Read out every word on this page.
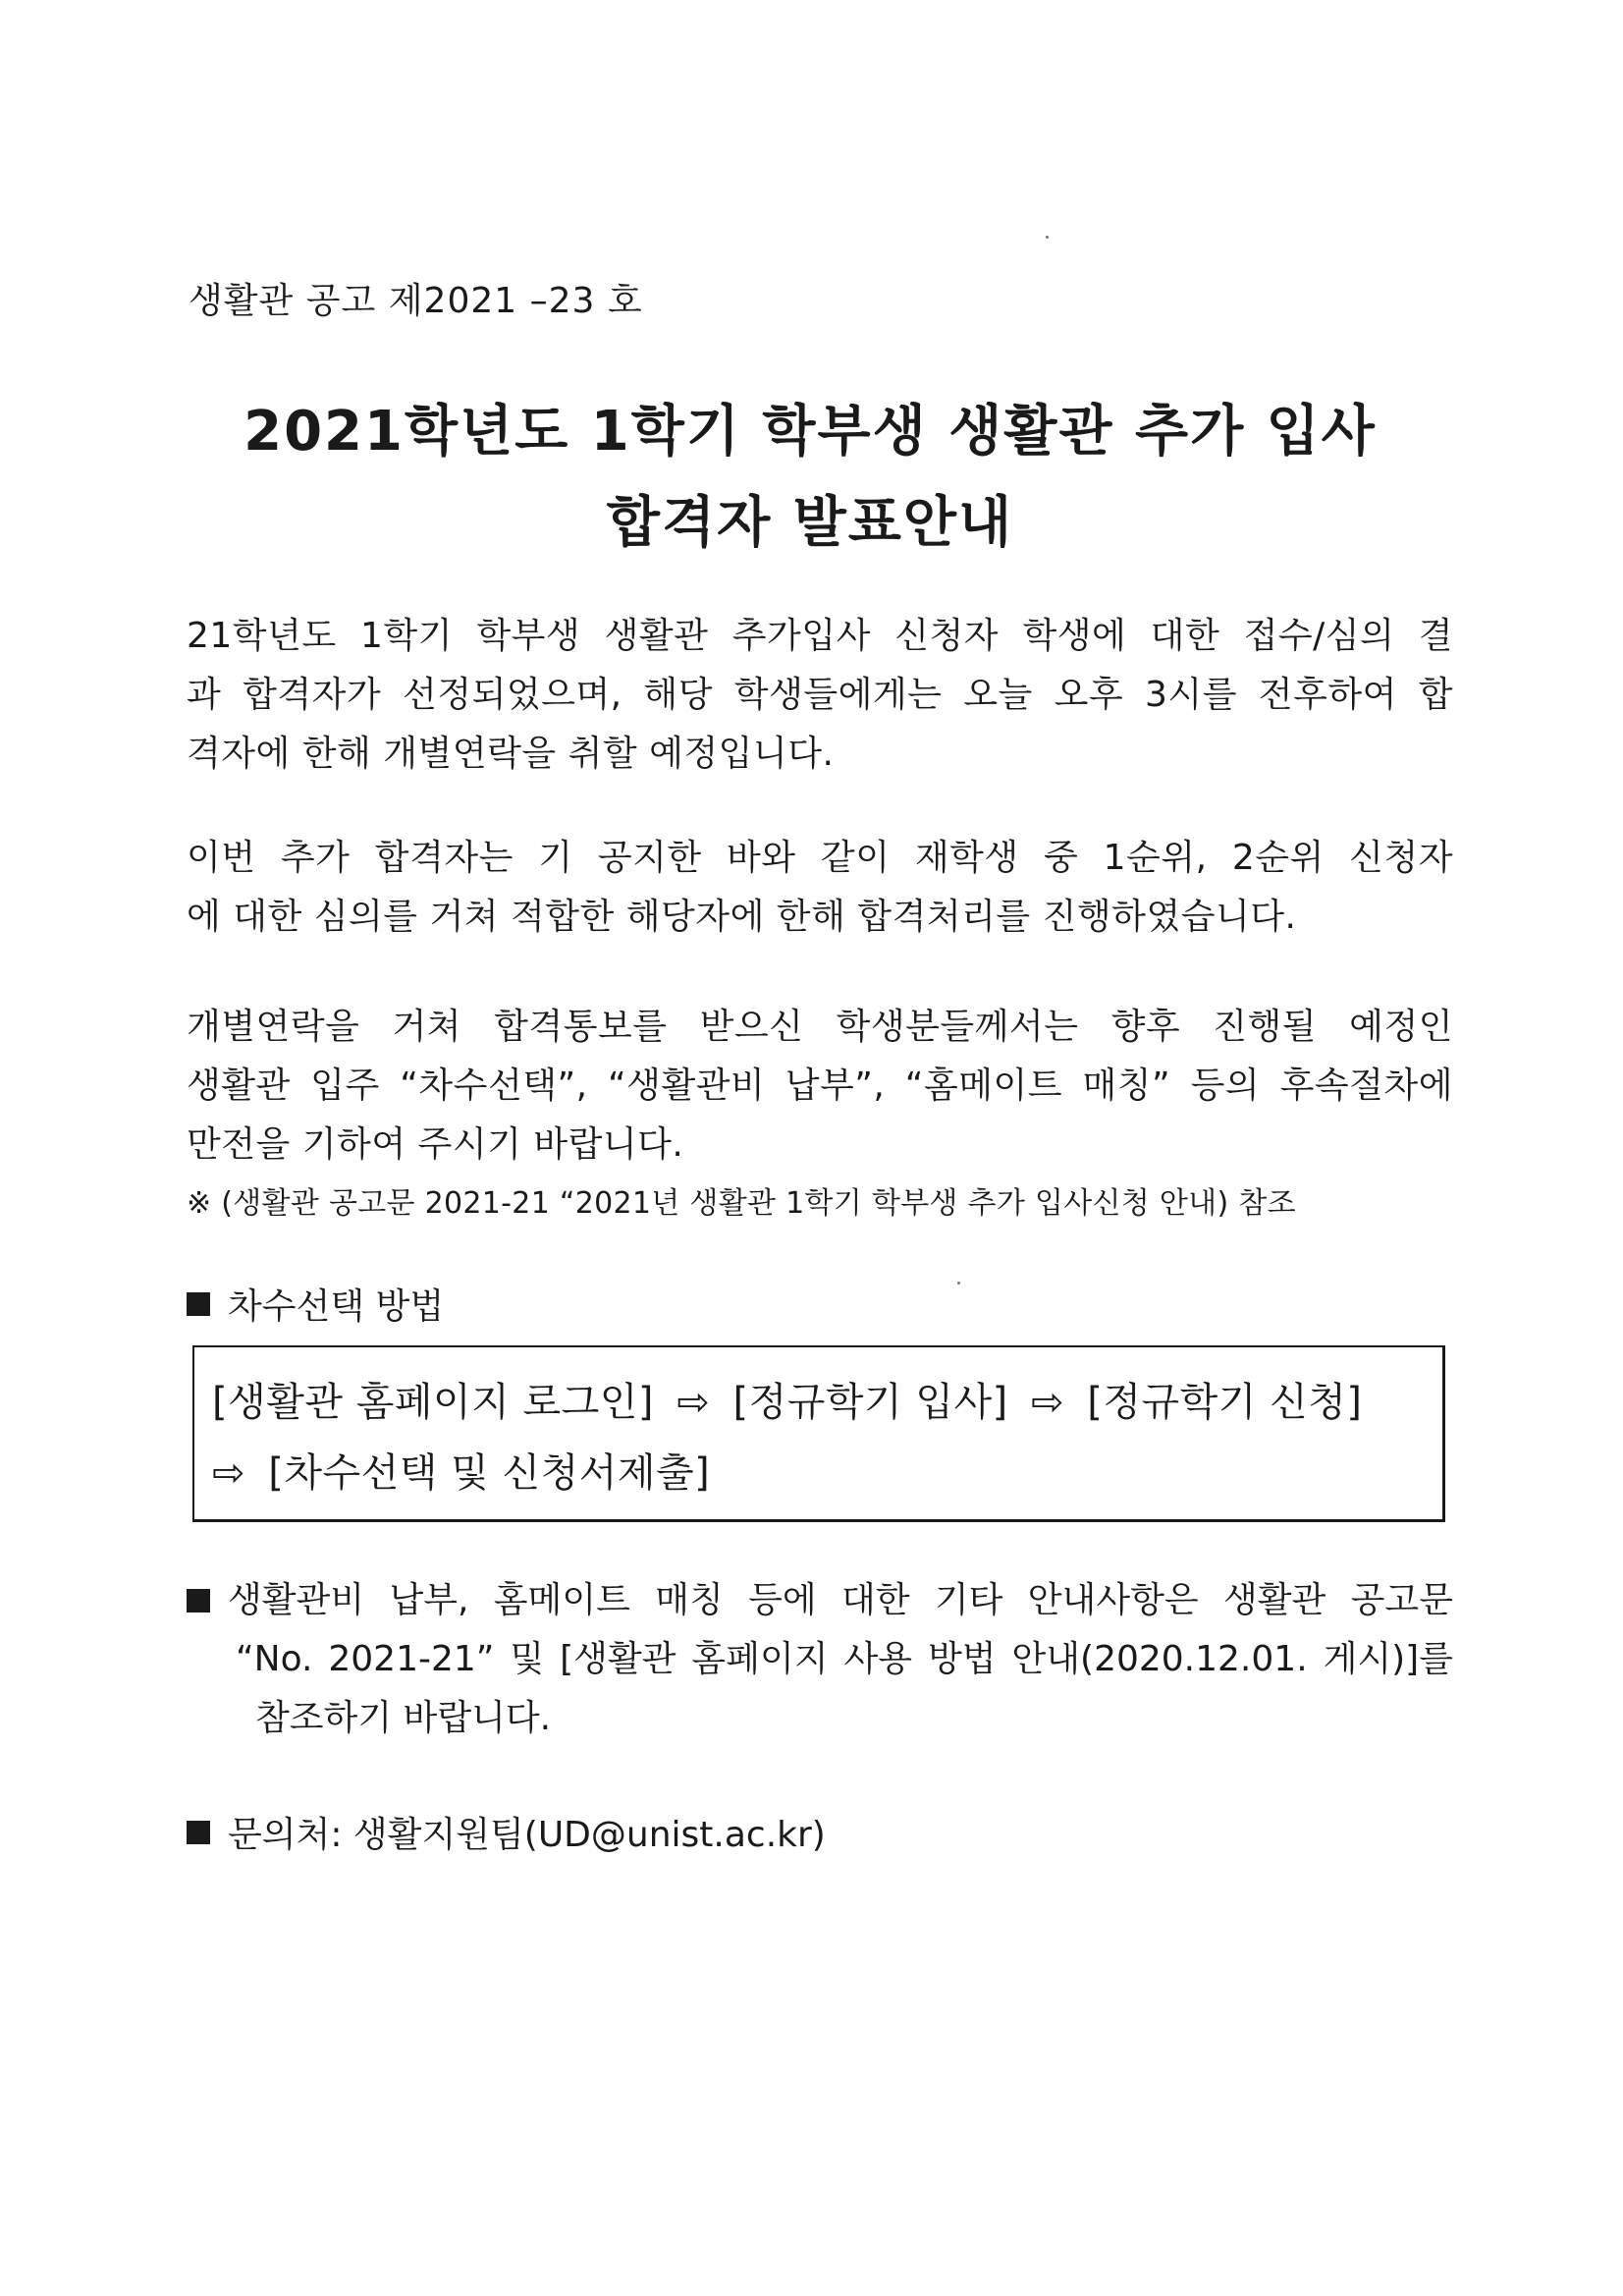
생활관 공고 제2021 –23 호
2021학년도 1학기 학부생 생활관 추가 입사
합격자 발표안내
21학년도 1학기 학부생 생활관 추가입사 신청자 학생에 대한 접수/심의 결
과 합격자가 선정되었으며, 해당 학생들에게는 오늘 오후 3시를 전후하여 합
격자에 한해 개별연락을 취할 예정입니다.
이번 추가 합격자는 기 공지한 바와 같이 재학생 중 1순위, 2순위 신청자
에 대한 심의를 거쳐 적합한 해당자에 한해 합격처리를 진행하였습니다.
개별연락을 거쳐 합격통보를 받으신 학생분들께서는 향후 진행될 예정인
생활관 입주 “차수선택”, “생활관비 납부”, “홈메이트 매칭” 등의 후속절차에
만전을 기하여 주시기 바랍니다.
※ (생활관 공고문 2021-21 “2021년 생활관 1학기 학부생 추가 입사신청 안내) 참조
차수선택 방법
[생활관 홈페이지 로그인] ⇨ [정규학기 입사] ⇨ [정규학기 신청]
⇨ [차수선택 및 신청서제출]
생활관비 납부, 홈메이트 매칭 등에 대한 기타 안내사항은 생활관 공고문
“No. 2021-21” 및 [생활관 홈페이지 사용 방법 안내(2020.12.01. 게시)]를
참조하기 바랍니다.
문의처: 생활지원팀(UD@unist.ac.kr)
